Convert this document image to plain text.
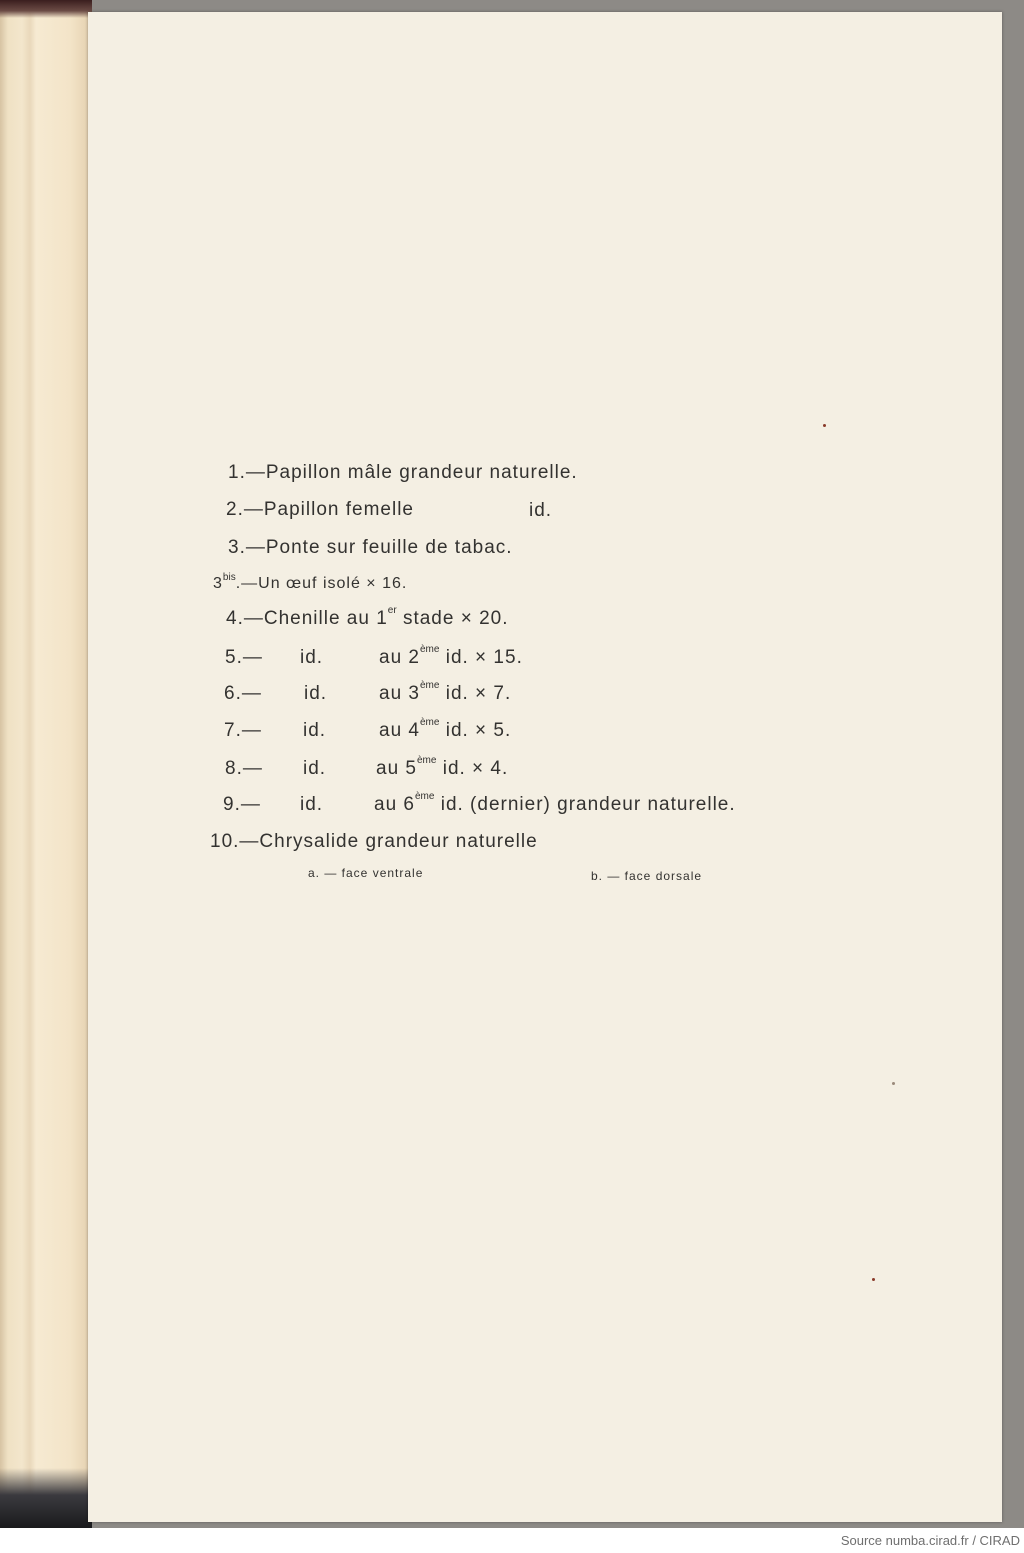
1.—Papillon mâle grandeur naturelle.
2.—Papillon femelle	id.
3.—Ponte sur feuille de tabac.
$3^{bis}.—Un$ œuf isolé × 16.
4.—Chenille au 1er stade × 20.
5.— id.	au 2ème id. × 15.
6.— id.	au 3ème id. × 7.
7.— id.	au 4ème id. × 5.
8.— id.	au 5ème id. × 4.
9.— id.	au 6ème id. (dernier) grandeur naturelle.
10.—Chrysalide grandeur naturelle
a. — face ventrale	b. — face dorsale
Source numba.cirad.fr / CIRAD
